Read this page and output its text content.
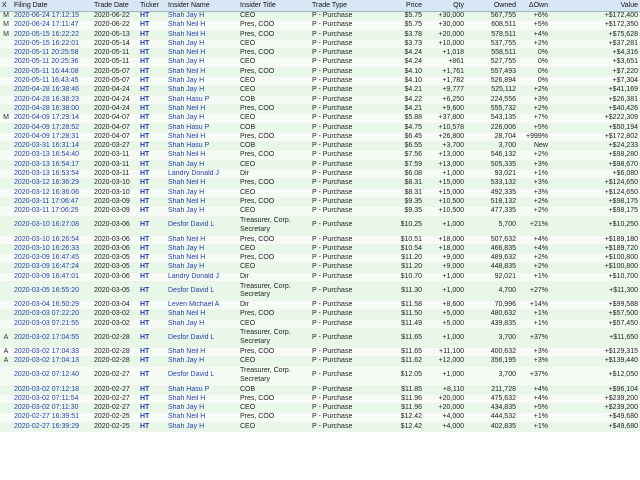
X	Filing Date	Trade Date	Ticker	Insider Name	Insider Title	Trade Type	Price	Qty	Owned	ΔOwn	Value
M	2020-06-24 17:12:15	2020-06-22	HT	Shah Jay H	CEO	P - Purchase	$5.75	+30,000	567,755	+6%	+$172,400
M	2020-06-24 17:11:47	2020-06-22	HT	Shah Neil H	Pres, COO	P - Purchase	$5.75	+30,000	608,511	+5%	+$172,350
M	2020-05-15 16:22:22	2020-05-13	HT	Shah Neil H	Pres, COO	P - Purchase	$3.78	+20,000	578,511	+4%	+$75,628
	2020-05-15 16:22:01	2020-05-14	HT	Shah Jay H	CEO	P - Purchase	$3.73	+10,000	537,755	+2%	+$37,281
	2020-05-11 20:25:58	2020-05-11	HT	Shah Neil H	Pres, COO	P - Purchase	$4.24	+1,018	558,511	0%	+$4,316
	2020-05-11 20:25:36	2020-05-11	HT	Shah Jay H	CEO	P - Purchase	$4.24	+861	527,755	0%	+$3,651
	2020-05-11 16:44:08	2020-05-07	HT	Shah Neil H	Pres, COO	P - Purchase	$4.10	+1,761	557,493	0%	+$7,220
	2020-05-11 16:43:45	2020-05-07	HT	Shah Jay H	CEO	P - Purchase	$4.10	+1,782	526,894	0%	+$7,304
	2020-04-28 16:38:46	2020-04-24	HT	Shah Jay H	CEO	P - Purchase	$4.21	+9,777	525,112	+2%	+$41,169
	2020-04-28 16:38:23	2020-04-24	HT	Shah Hasu P	COB	P - Purchase	$4.22	+6,250	224,556	+3%	+$26,381
	2020-04-28 16:38:00	2020-04-24	HT	Shah Neil H	Pres, COO	P - Purchase	$4.21	+9,600	555,732	+2%	+$40,426
M	2020-04-09 17:29:14	2020-04-07	HT	Shah Jay H	CEO	P - Purchase	$5.88	+37,800	543,135	+7%	+$222,309
	2020-04-09 17:28:52	2020-04-07	HT	Shah Hasu P	COB	P - Purchase	$4.75	+10,578	226,006	+5%	+$50,194
	2020-04-09 17:28:31	2020-04-07	HT	Shah Neil H	Pres, COO	P - Purchase	$6.45	+26,800	28,704	+999%	+$172,802
	2020-03-31 16:31:14	2020-03-27	HT	Shah Hasu P	COB	P - Purchase	$6.55	+3,700	3,700	New	+$24,233
	2020-03-13 16:54:40	2020-03-11	HT	Shah Neil H	Pres, COO	P - Purchase	$7.56	+13,000	546,132	+2%	+$98,280
	2020-03-13 16:54:17	2020-03-11	HT	Shah Jay H	CEO	P - Purchase	$7.59	+13,000	505,335	+3%	+$98,670
	2020-03-13 16:53:54	2020-03-11	HT	Landry Donald J	Dir	P - Purchase	$6.08	+1,000	93,021	+1%	+$6,080
	2020-03-12 16:36:29	2020-03-10	HT	Shah Neil H	Pres, COO	P - Purchase	$8.31	+15,000	533,132	+3%	+$124,650
	2020-03-12 16:36:06	2020-03-10	HT	Shah Jay H	CEO	P - Purchase	$8.31	+15,000	492,335	+3%	+$124,650
	2020-03-11 17:06:47	2020-03-09	HT	Shah Neil H	Pres, COO	P - Purchase	$9.35	+10,500	518,132	+2%	+$98,175
	2020-03-11 17:06:25	2020-03-09	HT	Shah Jay H	CEO	P - Purchase	$9.35	+10,500	477,335	+2%	+$98,175
	2020-03-10 16:27:08	2020-03-06	HT	Desfor David L	Treasurer, Corp. Secretary	P - Purchase	$10.25	+1,000	5,700	+21%	+$10,250
	2020-03-10 16:26:54	2020-03-06	HT	Shah Neil H	Pres, COO	P - Purchase	$10.51	+18,000	507,632	+4%	+$189,180
	2020-03-10 16:26:33	2020-03-06	HT	Shah Jay H	CEO	P - Purchase	$10.54	+18,000	466,835	+4%	+$189,720
	2020-03-09 16:47:45	2020-03-05	HT	Shah Neil H	Pres, COO	P - Purchase	$11.20	+9,000	489,632	+2%	+$100,800
	2020-03-09 16:47:24	2020-03-05	HT	Shah Jay H	CEO	P - Purchase	$11.20	+9,000	448,835	+2%	+$100,800
	2020-03-09 16:47:01	2020-03-06	HT	Landry Donald J	Dir	P - Purchase	$10.70	+1,000	92,021	+1%	+$10,700
	2020-03-05 16:55:20	2020-03-05	HT	Desfor David L	Treasurer, Corp. Secretary	P - Purchase	$11.30	+1,000	4,700	+27%	+$11,300
	2020-03-04 16:50:29	2020-03-04	HT	Leven Michael A	Dir	P - Purchase	$11.58	+8,600	70,996	+14%	+$99,588
	2020-03-03 07:22:20	2020-03-02	HT	Shah Neil H	Pres, COO	P - Purchase	$11.50	+5,000	480,632	+1%	+$57,500
	2020-03-03 07:21:55	2020-03-02	HT	Shah Jay H	CEO	P - Purchase	$11.49	+5,000	439,835	+1%	+$57,450
A	2020-03-02 17:04:55	2020-02-28	HT	Desfor David L	Treasurer, Corp. Secretary	P - Purchase	$11.65	+1,000	3,700	+37%	+$11,650
A	2020-03-02 17:04:33	2020-02-28	HT	Shah Neil H	Pres, COO	P - Purchase	$11.65	+11,100	400,632	+3%	+$129,315
A	2020-03-02 17:04:13	2020-02-28	HT	Shah Jay H	CEO	P - Purchase	$11.62	+12,000	356,195	+3%	+$139,440
	2020-03-02 07:12:40	2020-02-27	HT	Desfor David L	Treasurer, Corp. Secretary	P - Purchase	$12.05	+1,000	3,700	+37%	+$12,050
	2020-03-02 07:12:18	2020-02-27	HT	Shah Hasu P	COB	P - Purchase	$11.85	+8,110	211,728	+4%	+$96,104
	2020-03-02 07:11:54	2020-02-27	HT	Shah Neil H	Pres, COO	P - Purchase	$11.96	+20,000	475,632	+4%	+$239,200
	2020-03-02 07:11:30	2020-02-27	HT	Shah Jay H	CEO	P - Purchase	$11.96	+20,000	434,835	+5%	+$239,200
	2020-02-27 16:39:51	2020-02-25	HT	Shah Neil H	Pres, COO	P - Purchase	$12.42	+4,000	444,532	+1%	+$49,680
	2020-02-27 16:39:29	2020-02-25	HT	Shah Jay H	CEO	P - Purchase	$12.42	+4,000	402,835	+1%	+$49,680
